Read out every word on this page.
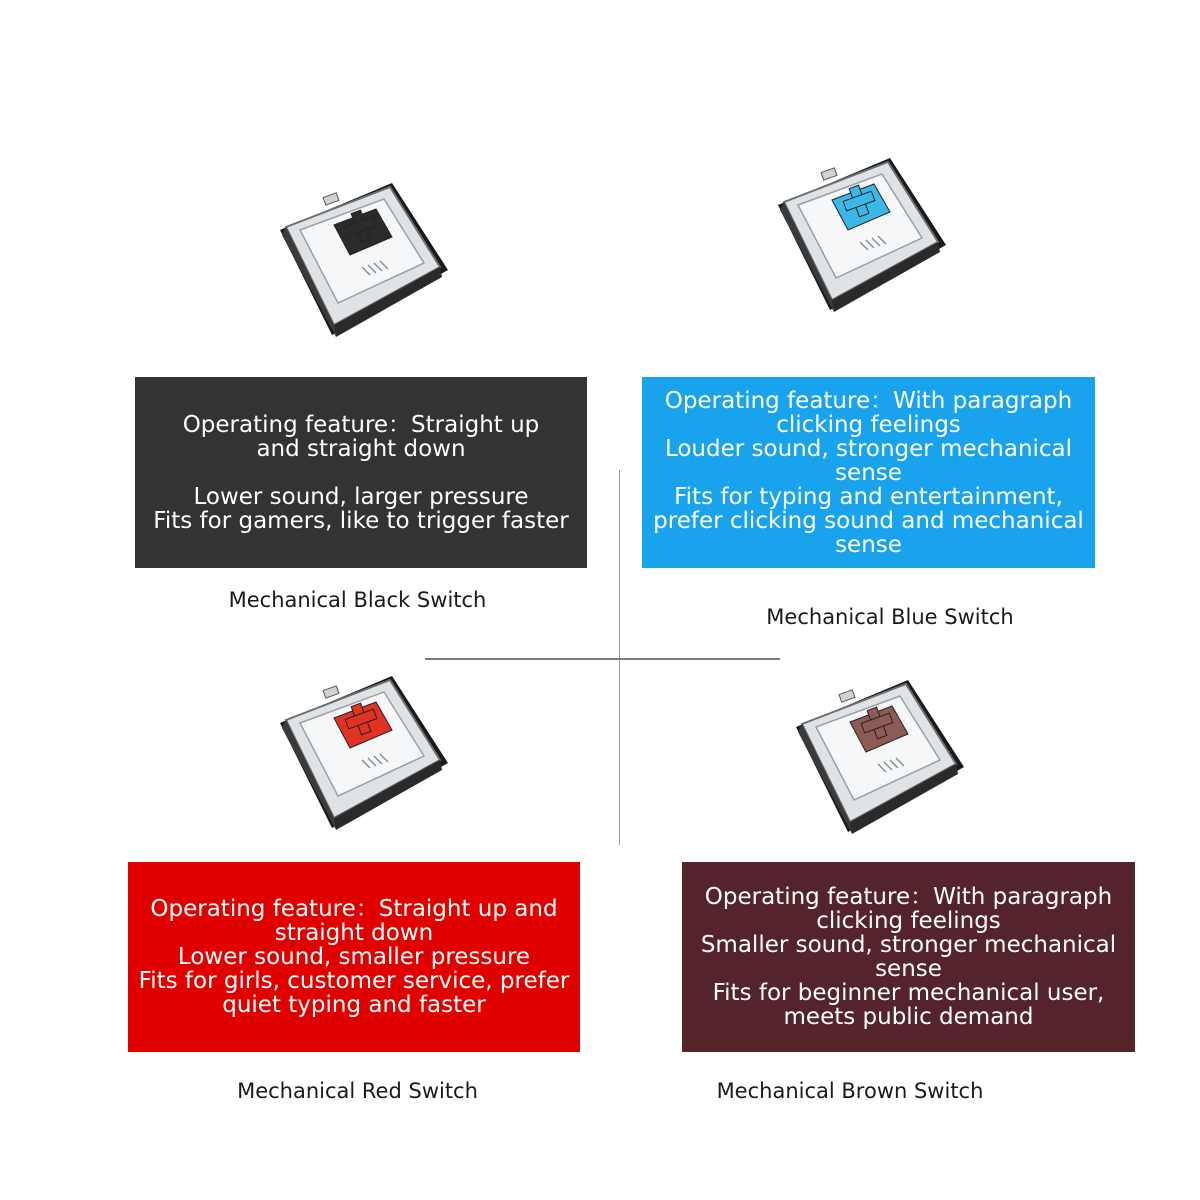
Operating feature：Straight up
and straight down
Lower sound, larger pressure
Fits for gamers, like to trigger faster
Operating feature：With paragraph
clicking feelings
Louder sound, stronger mechanical
sense
Fits for typing and entertainment,
prefer clicking sound and mechanical
sense
Operating feature：Straight up and
straight down
Lower sound, smaller pressure
Fits for girls, customer service, prefer
quiet typing and faster
Operating feature：With paragraph
clicking feelings
Smaller sound, stronger mechanical
sense
Fits for beginner mechanical user,
meets public demand
Mechanical Black Switch
Mechanical Blue Switch
Mechanical Red Switch	Mechanical Brown Switch
